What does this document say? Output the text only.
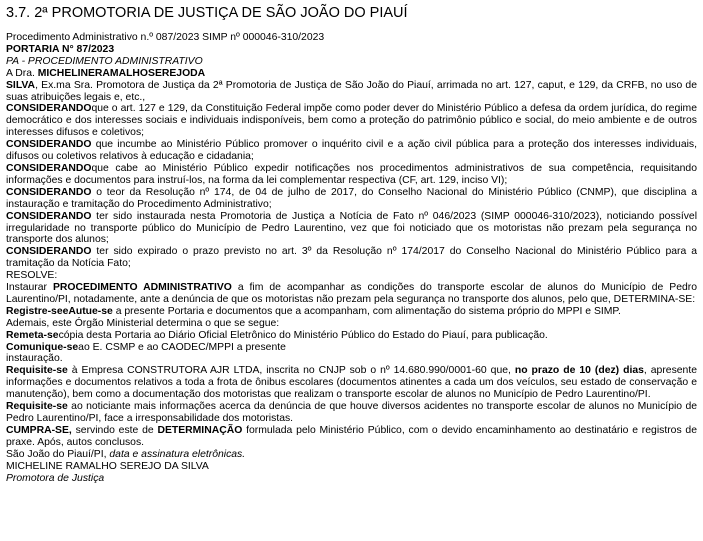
3.7. 2ª PROMOTORIA DE JUSTIÇA DE SÃO JOÃO DO PIAUÍ

Procedimento Administrativo n.º 087/2023 SIMP nº 000046-310/2023

PORTARIA N° 87/2023

PA - PROCEDIMENTO ADMINISTRATIVO

A Dra. MICHELINERAMALHOSEREJODA

SILVA, Ex.ma Sra. Promotora de Justiça da 2ª Promotoria de Justiça de São João do Piauí, arrimada no art. 127, caput, e 129, da CRFB, no uso de suas atribuições legais e, etc.,

CONSIDERANDOque o art. 127 e 129, da Constituição Federal impõe como poder dever do Ministério Público a defesa da ordem jurídica, do regime democrático e dos interesses sociais e individuais indisponíveis, bem como a proteção do patrimônio público e social, do meio ambiente e de outros interesses difusos e coletivos;

CONSIDERANDO que incumbe ao Ministério Público promover o inquérito civil e a ação civil pública para a proteção dos interesses individuais, difusos ou coletivos relativos à educação e cidadania;

CONSIDERANDOque cabe ao Ministério Público expedir notificações nos procedimentos administrativos de sua competência, requisitando informações e documentos para instruí-los, na forma da lei complementar respectiva (CF, art. 129, inciso VI);

CONSIDERANDO o teor da Resolução nº 174, de 04 de julho de 2017, do Conselho Nacional do Ministério Público (CNMP), que disciplina a instauração e tramitação do Procedimento Administrativo;

CONSIDERANDO ter sido instaurada nesta Promotoria de Justiça a Notícia de Fato nº 046/2023 (SIMP 000046-310/2023), noticiando possível irregularidade no transporte público do Município de Pedro Laurentino, vez que foi noticiado que os motoristas não prezam pela segurança no transporte dos alunos;

CONSIDERANDO ter sido expirado o prazo previsto no art. 3º da Resolução nº 174/2017 do Conselho Nacional do Ministério Público para a tramitação da Notícia Fato;

RESOLVE:

Instaurar PROCEDIMENTO ADMINISTRATIVO a fim de acompanhar as condições do transporte escolar de alunos do Município de Pedro Laurentino/PI, notadamente, ante a denúncia de que os motoristas não prezam pela segurança no transporte dos alunos, pelo que, DETERMINA-SE:

Registre-seeAutue-se a presente Portaria e documentos que a acompanham, com alimentação do sistema próprio do MPPI e SIMP.

Ademais, este Órgão Ministerial determina o que se segue:

Remeta-secópia desta Portaria ao Diário Oficial Eletrônico do Ministério Público do Estado do Piauí, para publicação.

Comunique-seao E. CSMP e ao CAODEC/MPPI a presente

instauração.

Requisite-se à Empresa CONSTRUTORA AJR LTDA, inscrita no CNJP sob o nº 14.680.990/0001-60 que, no prazo de 10 (dez) dias, apresente informações e documentos relativos a toda a frota de ônibus escolares (documentos atinentes a cada um dos veículos, seu estado de conservação e manutenção), bem como a documentação dos motoristas que realizam o transporte escolar de alunos no Município de Pedro Laurentino/PI.

Requisite-se ao noticiante mais informações acerca da denúncia de que houve diversos acidentes no transporte escolar de alunos no Município de Pedro Laurentino/PI, face a irresponsabilidade dos motoristas.

CUMPRA-SE, servindo este de DETERMINAÇÃO formulada pelo Ministério Público, com o devido encaminhamento ao destinatário e registros de praxe. Após, autos conclusos.

São João do Piauí/PI, data e assinatura eletrônicas.

MICHELINE RAMALHO SEREJO DA SILVA

Promotora de Justiça
